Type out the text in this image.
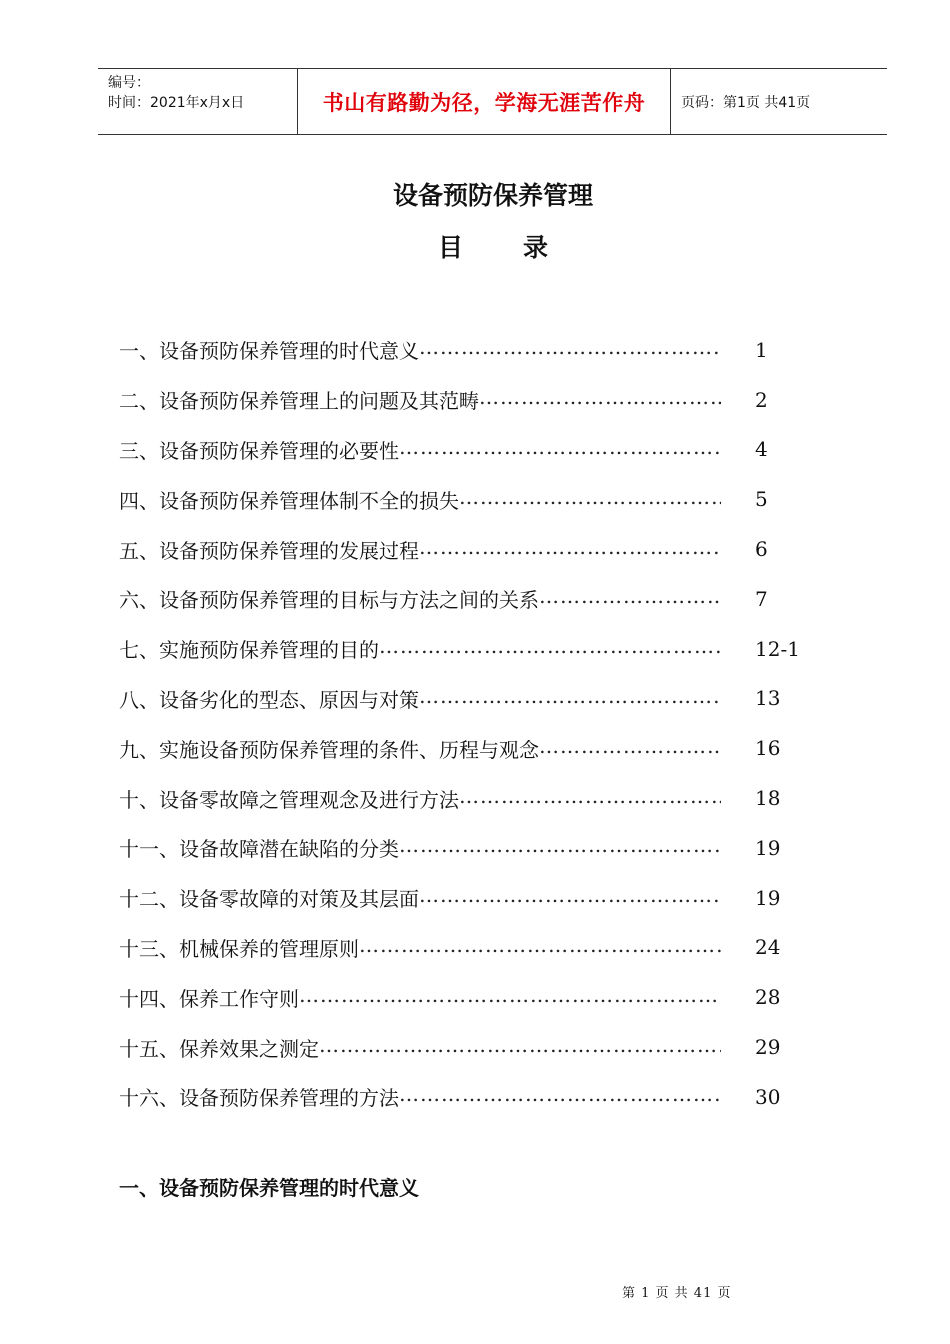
编号：
时间：2021年x月x日	书山有路勤为径，学海无涯苦作舟	页码：第1页 共41页
设备预防保养管理
目录
一、设备预防保养管理的时代意义 ……………………………………………………………………………………………………	1
二、设备预防保养管理上的问题及其范畴 ……………………………………………………………………………………………………	2
三、设备预防保养管理的必要性 ……………………………………………………………………………………………………	4
四、设备预防保养管理体制不全的损失 ……………………………………………………………………………………………………	5
五、设备预防保养管理的发展过程 ……………………………………………………………………………………………………	6
六、设备预防保养管理的目标与方法之间的关系 ……………………………………………………………………………………………………	7
七、实施预防保养管理的目的 ……………………………………………………………………………………………………	12-1
八、设备劣化的型态、原因与对策 ……………………………………………………………………………………………………	13
九、实施设备预防保养管理的条件、历程与观念 ……………………………………………………………………………………………………	16
十、设备零故障之管理观念及进行方法 ……………………………………………………………………………………………………	18
十一、设备故障潜在缺陷的分类 ……………………………………………………………………………………………………	19
十二、设备零故障的对策及其层面 ……………………………………………………………………………………………………	19
十三、机械保养的管理原则 ……………………………………………………………………………………………………	24
十四、保养工作守则 ……………………………………………………………………………………………………	28
十五、保养效果之测定 ……………………………………………………………………………………………………	29
十六、设备预防保养管理的方法 ……………………………………………………………………………………………………	30
一、设备预防保养管理的时代意义
第 1 页 共 41 页
